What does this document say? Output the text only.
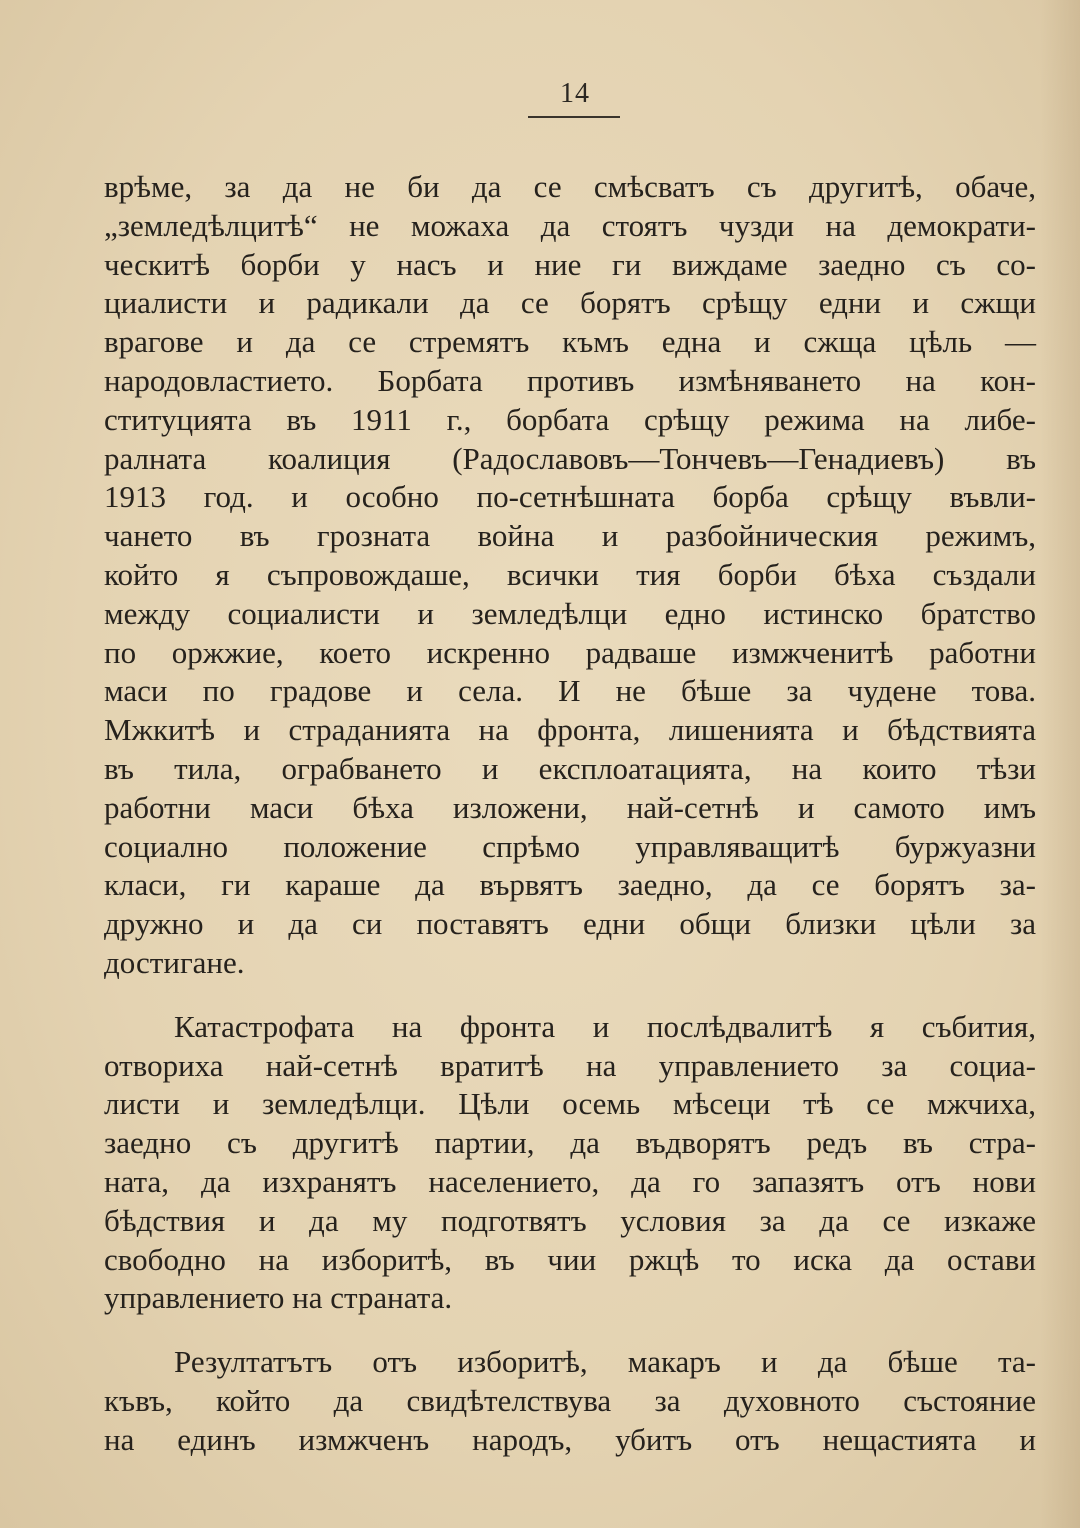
14
врѣме, за да не би да се смѣсватъ съ другитѣ, обаче,
„земледѣлцитѣ“ не можаха да стоятъ чузди на демократи-
ческитѣ борби у насъ и ние ги виждаме заедно съ со-
циалисти и радикали да се борятъ срѣщу едни и сжщи
врагове и да се стремятъ къмъ една и сжща цѣль —
народовластието. Борбата противъ измѣняването на кон-
ституцията въ 1911 г., борбата срѣщу режима на либе-
ралната коалиция (Радославовъ—Тончевъ—Генадиевъ) въ
1913 год. и особно по-сетнѣшната борба срѣщу въвли-
чането въ грозната война и разбойническия режимъ,
който я съпровождаше, всички тия борби бѣха създали
между социалисти и земледѣлци едно истинско братство
по оржжие, което искренно радваше измжченитѣ работни
маси по градове и села. И не бѣше за чудене това.
Мжкитѣ и страданията на фронта, лишенията и бѣдствията
въ тила, ограбването и експлоатацията, на които тѣзи
работни маси бѣха изложени, най-сетнѣ и самото имъ
социално положение спрѣмо управляващитѣ буржуазни
класи, ги караше да вървятъ заедно, да се борятъ за-
дружно и да си поставятъ едни общи близки цѣли за
достигане.
Катастрофата на фронта и послѣдвалитѣ я събития,
отвориха най-сетнѣ вратитѣ на управлението за социа-
листи и земледѣлци. Цѣли осемь мѣсеци тѣ се мжчиха,
заедно съ другитѣ партии, да въдворятъ редъ въ стра-
ната, да изхранятъ населението, да го запазятъ отъ нови
бѣдствия и да му подготвятъ условия за да се изкаже
свободно на изборитѣ, въ чии ржцѣ то иска да остави
управлението на страната.
Резултатътъ отъ изборитѣ, макаръ и да бѣше та-
къвъ, който да свидѣтелствува за духовното състояние
на единъ измжченъ народъ, убитъ отъ нещастията и
